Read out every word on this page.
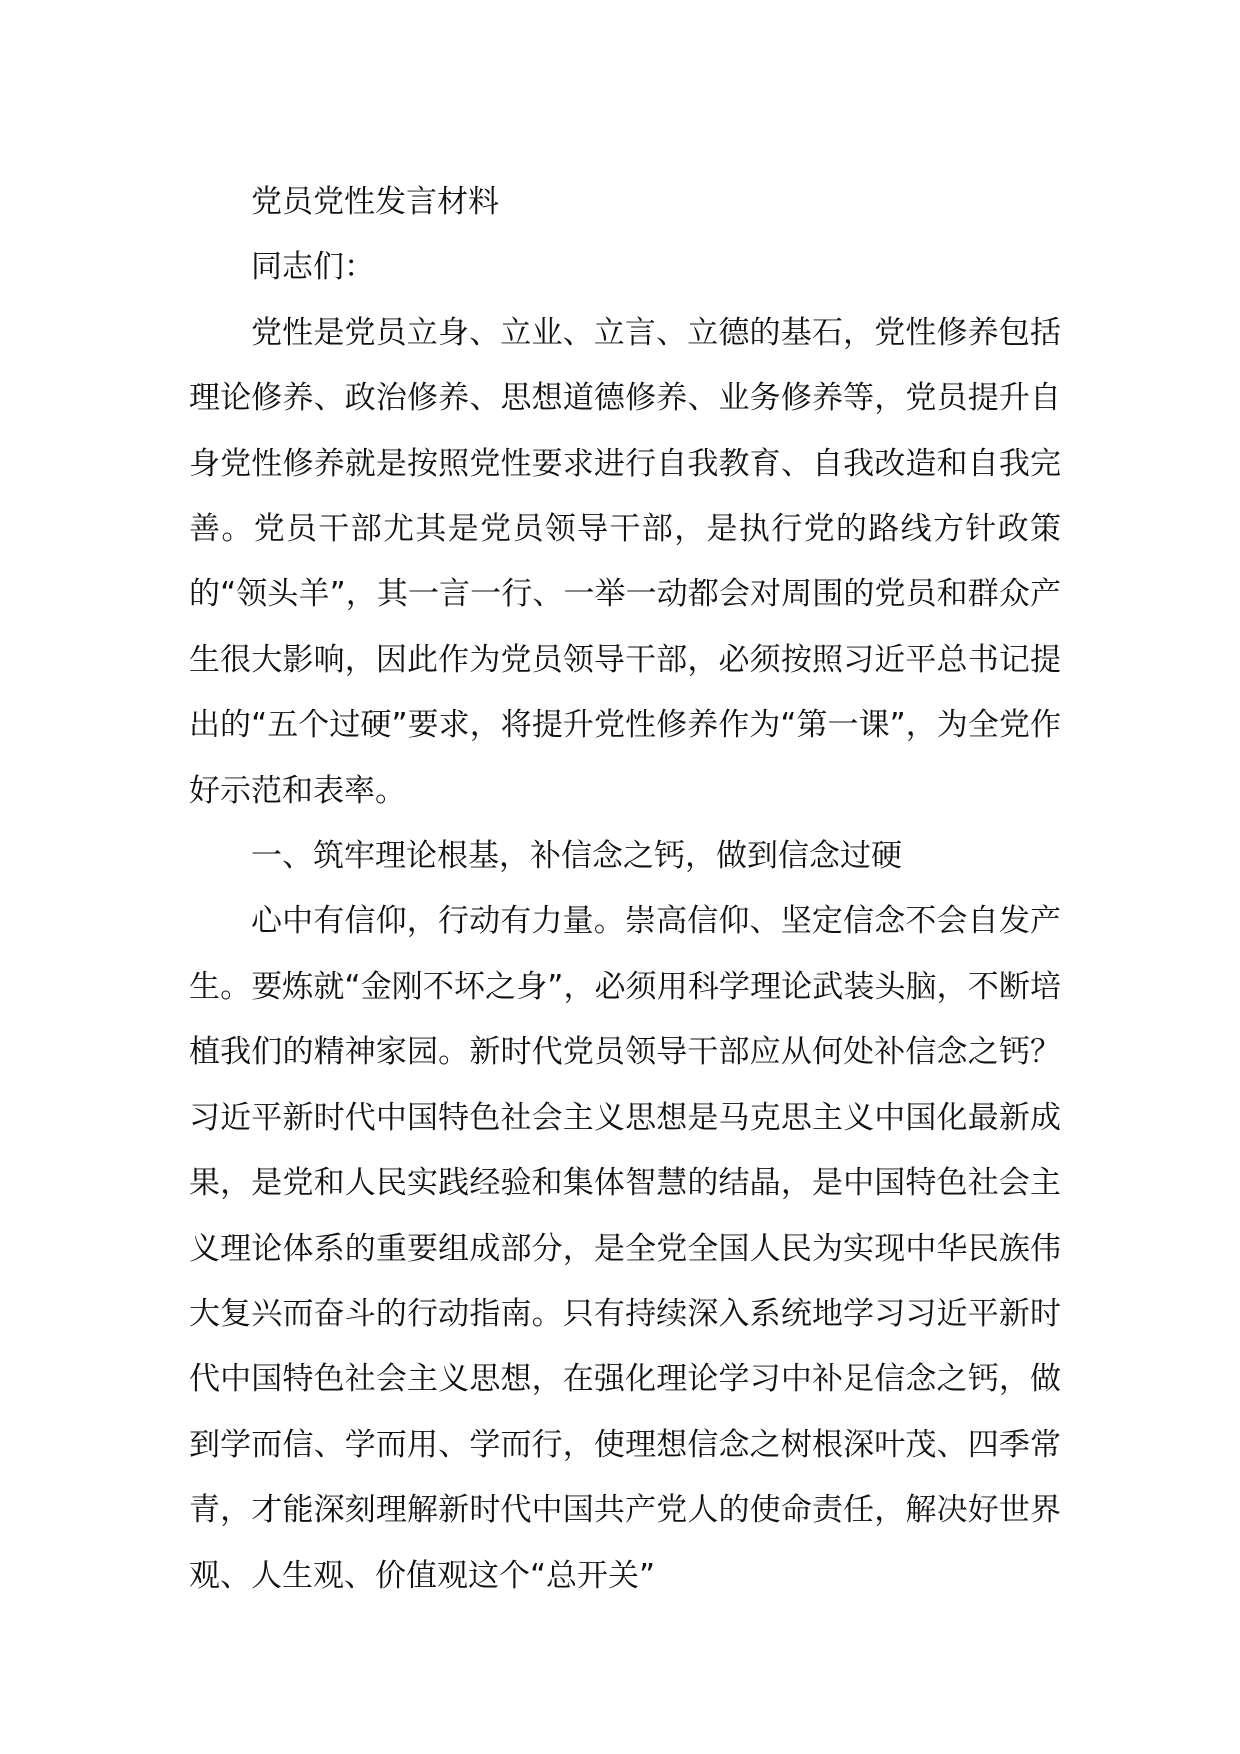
党员党性发言材料

同志们：

党性是党员立身、立业、立言、立德的基石，党性修养包括理论修养、政治修养、思想道德修养、业务修养等，党员提升自身党性修养就是按照党性要求进行自我教育、自我改造和自我完善。党员干部尤其是党员领导干部，是执行党的路线方针政策的“领头羊”，其一言一行、一举一动都会对周围的党员和群众产生很大影响，因此作为党员领导干部，必须按照习近平总书记提出的“五个过硬”要求，将提升党性修养作为“第一课”，为全党作好示范和表率。

一、筑牢理论根基，补信念之钙，做到信念过硬

心中有信仰，行动有力量。崇高信仰、坚定信念不会自发产生。要炼就“金刚不坏之身”，必须用科学理论武装头脑，不断培植我们的精神家园。新时代党员领导干部应从何处补信念之钙？习近平新时代中国特色社会主义思想是马克思主义中国化最新成果，是党和人民实践经验和集体智慧的结晶，是中国特色社会主义理论体系的重要组成部分，是全党全国人民为实现中华民族伟大复兴而奋斗的行动指南。只有持续深入系统地学习习近平新时代中国特色社会主义思想，在强化理论学习中补足信念之钙，做到学而信、学而用、学而行，使理想信念之树根深叶茂、四季常青，才能深刻理解新时代中国共产党人的使命责任，解决好世界观、人生观、价值观这个“总开关”
